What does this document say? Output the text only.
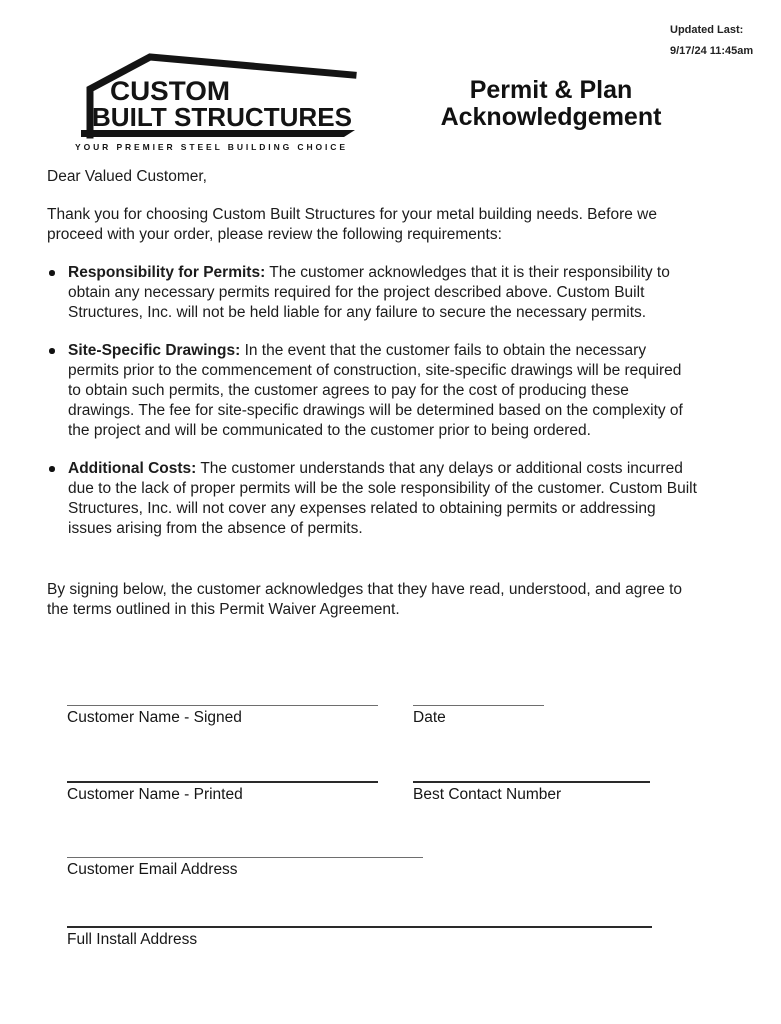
Updated Last:
9/17/24 11:45am
CUSTOM
BUILT STRUCTURES
YOUR PREMIER STEEL BUILDING CHOICE
Permit & Plan
Acknowledgement
Dear Valued Customer,

Thank you for choosing Custom Built Structures for your metal building needs. Before we proceed with your order, please review the following requirements:

Responsibility for Permits: The customer acknowledges that it is their responsibility to obtain any necessary permits required for the project described above. Custom Built Structures, Inc. will not be held liable for any failure to secure the necessary permits.
Site-Specific Drawings: In the event that the customer fails to obtain the necessary permits prior to the commencement of construction, site-specific drawings will be required to obtain such permits, the customer agrees to pay for the cost of producing these drawings. The fee for site-specific drawings will be determined based on the complexity of the project and will be communicated to the customer prior to being ordered.
Additional Costs: The customer understands that any delays or additional costs incurred due to the lack of proper permits will be the sole responsibility of the customer. Custom Built Structures, Inc. will not cover any expenses related to obtaining permits or addressing issues arising from the absence of permits.

By signing below, the customer acknowledges that they have read, understood, and agree to the terms outlined in this Permit Waiver Agreement.

Customer Name - Signed	Date
Customer Name - Printed	Best Contact Number
Customer Email Address
Full Install Address
